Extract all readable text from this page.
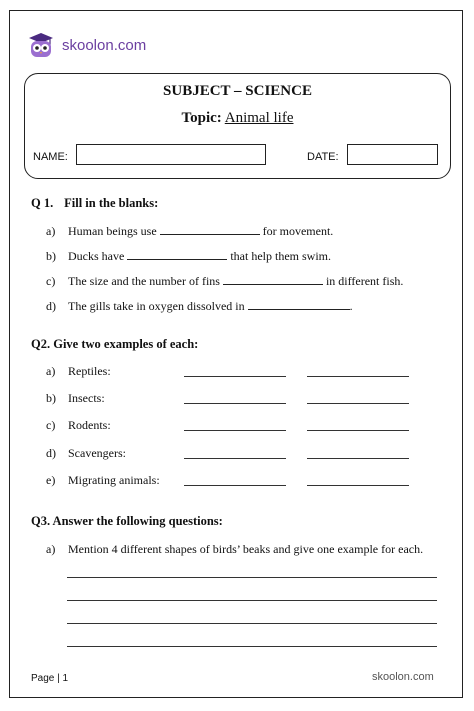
skoolon.com
SUBJECT – SCIENCE
Topic: Animal life
NAME:	DATE:
Q 1. Fill in the blanks:
a) Human beings use	for movement.
b) Ducks have	that help them swim.
c) The size and the number of fins	in different fish.
d) The gills take in oxygen dissolved in	.
Q2. Give two examples of each:
a) Reptiles:
b) Insects:
c) Rodents:
d) Scavengers:
e) Migrating animals:
Q3. Answer the following questions:
a) Mention 4 different shapes of birds’ beaks and give one example for each.
Page | 1	skoolon.com
